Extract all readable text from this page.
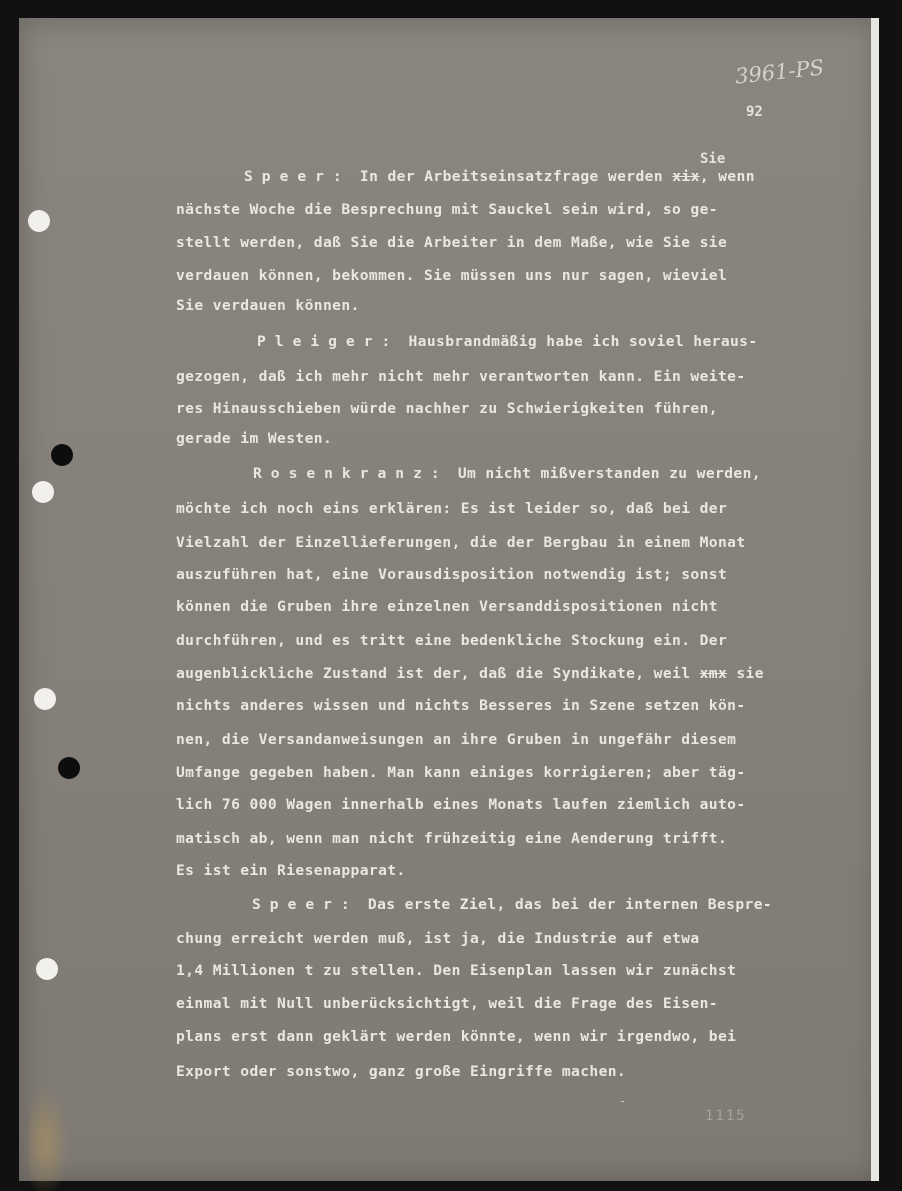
3961-PS
92
Sie
Speer: In der Arbeitseinsatzfrage werden xix, wenn
nächste Woche die Besprechung mit Sauckel sein wird, so ge-
stellt werden, daß Sie die Arbeiter in dem Maße, wie Sie sie
verdauen können, bekommen. Sie müssen uns nur sagen, wieviel
Sie verdauen können.
Pleiger: Hausbrandmäßig habe ich soviel heraus-
gezogen, daß ich mehr nicht mehr verantworten kann. Ein weite-
res Hinausschieben würde nachher zu Schwierigkeiten führen,
gerade im Westen.
Rosenkranz: Um nicht mißverstanden zu werden,
möchte ich noch eins erklären: Es ist leider so, daß bei der
Vielzahl der Einzellieferungen, die der Bergbau in einem Monat
auszuführen hat, eine Vorausdisposition notwendig ist; sonst
können die Gruben ihre einzelnen Versanddispositionen nicht
durchführen, und es tritt eine bedenkliche Stockung ein. Der
augenblickliche Zustand ist der, daß die Syndikate, weil xmx sie
nichts anderes wissen und nichts Besseres in Szene setzen kön-
nen, die Versandanweisungen an ihre Gruben in ungefähr diesem
Umfange gegeben haben. Man kann einiges korrigieren; aber täg-
lich 76 000 Wagen innerhalb eines Monats laufen ziemlich auto-
matisch ab, wenn man nicht frühzeitig eine Aenderung trifft.
Es ist ein Riesenapparat.
Speer: Das erste Ziel, das bei der internen Bespre-
chung erreicht werden muß, ist ja, die Industrie auf etwa
1,4 Millionen t zu stellen. Den Eisenplan lassen wir zunächst
einmal mit Null unberücksichtigt, weil die Frage des Eisen-
plans erst dann geklärt werden könnte, wenn wir irgendwo, bei
Export oder sonstwo, ganz große Eingriffe machen.
-
1115
